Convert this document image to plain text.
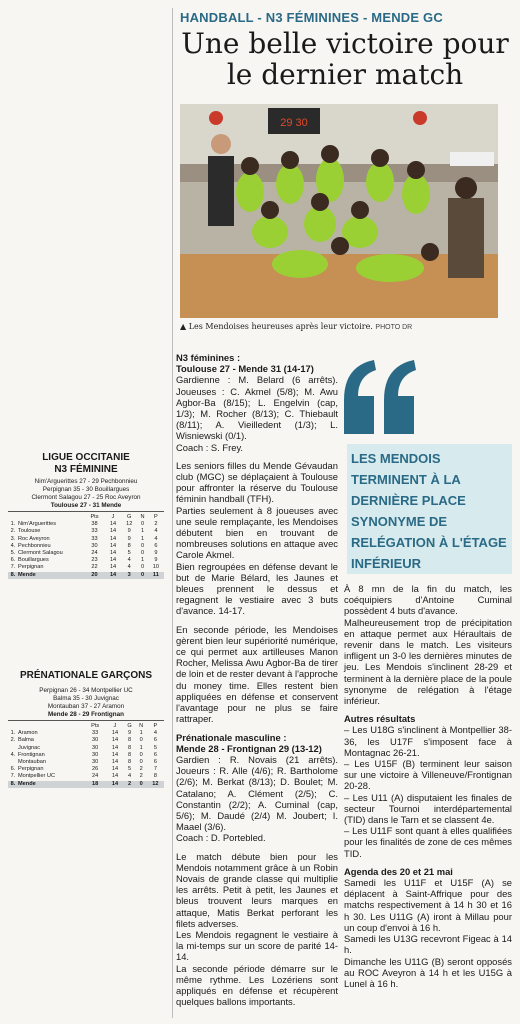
HANDBALL - N3 FÉMININES - MENDE GC
Une belle victoire pour le dernier match
29 30
▲ Les Mendoises heureuses après leur victoire. PHOTO DR

N3 féminines :

Toulouse 27 - Mende 31 (14-17)

Gardienne : M. Belard (6 arrêts). Joueuses : C. Akmel (5/8); M. Awu Agbor-Ba (8/15); L. Engelvin (cap, 1/3); M. Rocher (8/13); C. Thiebault (8/11); A. Vieilledent (1/3); L. Wisniewski (0/1).

Coach : S. Frey.

Les seniors filles du Mende Gévaudan club (MGC) se déplaçaient à Toulouse pour affronter la réserve du Toulouse féminin handball (TFH).

Parties seulement à 8 joueuses avec une seule remplaçante, les Mendoises débutent bien en trouvant de nombreuses solutions en attaque avec Carole Akmel.

Bien regroupées en défense devant le but de Marie Bélard, les Jaunes et bleues prennent le dessus et regagnent le vestiaire avec 3 buts d'avance. 14-17.

En seconde période, les Mendoises gèrent bien leur supériorité numérique, ce qui permet aux artilleuses Manon Rocher, Melissa Awu Agbor-Ba de tirer de loin et de rester devant à l'approche du money time. Elles restent bien appliquées en défense et conservent l'avantage pour ne plus se faire rattraper.

Prénationale masculine :

Mende 28 - Frontignan 29 (13-12)

Gardien : R. Novais (21 arrêts). Joueurs : R. Alle (4/6); R. Bartholome (2/6); M. Berkat (8/13); D. Boulet; M. Catalano; A. Clément (2/5); C. Constantin (2/2); A. Cuminal (cap, 5/6); M. Daudé (2/4) M. Joubert; I. Maael (3/6).

Coach : D. Portebled.

Le match débute bien pour les Mendois notamment grâce à un Robin Novais de grande classe qui multiplie les arrêts. Petit à petit, les Jaunes et bleus trouvent leurs marques en attaque, Matis Berkat perforant les filets adverses.

Les Mendois regagnent le vestiaire à la mi-temps sur un score de parité 14-14.

La seconde période démarre sur le même rythme. Les Lozériens sont appliqués en défense et récupèrent quelques ballons importants.

LES MENDOIS TERMINENT À LA DERNIÈRE PLACE SYNONYME DE RELÉGATION À L'ÉTAGE INFÉRIEUR

À 8 mn de la fin du match, les coéquipiers d'Antoine Cuminal possèdent 4 buts d'avance.

Malheureusement trop de précipitation en attaque permet aux Héraultais de revenir dans le match. Les visiteurs infligent un 3-0 les dernières minutes de jeu. Les Mendois s'inclinent 28-29 et terminent à la dernière place de la poule synonyme de relégation à l'étage inférieur.

Autres résultats

– Les U18G s'inclinent à Montpellier 38-36, les U17F s'imposent face à Montagnac 26-21.

– Les U15F (B) terminent leur saison sur une victoire à Villeneuve/Frontignan 20-28.

– Les U11 (A) disputaient les finales de secteur Tournoi interdépartemental (TID) dans le Tarn et se classent 4e.

– Les U11F sont quant à elles qualifiées pour les finalités de zone de ces mêmes TID.

Agenda des 20 et 21 mai

Samedi les U11F et U15F (A) se déplacent à Saint-Affrique pour des matchs respectivement à 14 h 30 et 16 h 30. Les U11G (A) iront à Millau pour un coup d'envoi à 16 h.

Samedi les U13G recevront Figeac à 14 h.

Dimanche les U11G (B) seront opposés au ROC Aveyron à 14 h et les U15G à Lunel à 16 h.

LIGUE OCCITANIE
N3 FÉMININE
Nim'Arguerittes 27 - 29 Pechbonnieu
Perpignan 35 - 30 Bouillargues
Clermont Salagou 27 - 25 Roc Aveyron
Toulouse 27 - 31 Mende
		Pts	J	G	N	P
1.	Nim'Arguerittes	38	14	12	0	2
2.	Toulouse	33	14	9	1	4
3.	Roc Aveyron	33	14	9	1	4
4.	Pechbonnieu	30	14	8	0	6
5.	Clermont Salagou	24	14	5	0	9
6.	Bouillargues	23	14	4	1	9
7.	Perpignan	22	14	4	0	10
8.	Mende	20	14	3	0	11
PRÉNATIONALE GARÇONS
Perpignan 26 - 34 Montpellier UC
Balma 35 - 30 Juvignac
Montauban 37 - 27 Aramon
Mende 28 - 29 Frontignan
		Pts	J	G	N	P
1.	Aramon	33	14	9	1	4
2.	Balma	30	14	8	0	6
	Juvignac	30	14	8	1	5
4.	Frontignan	30	14	8	0	6
	Montauban	30	14	8	0	6
6.	Perpignan	26	14	5	2	7
7.	Montpellier UC	24	14	4	2	8
8.	Mende	18	14	2	0	12
